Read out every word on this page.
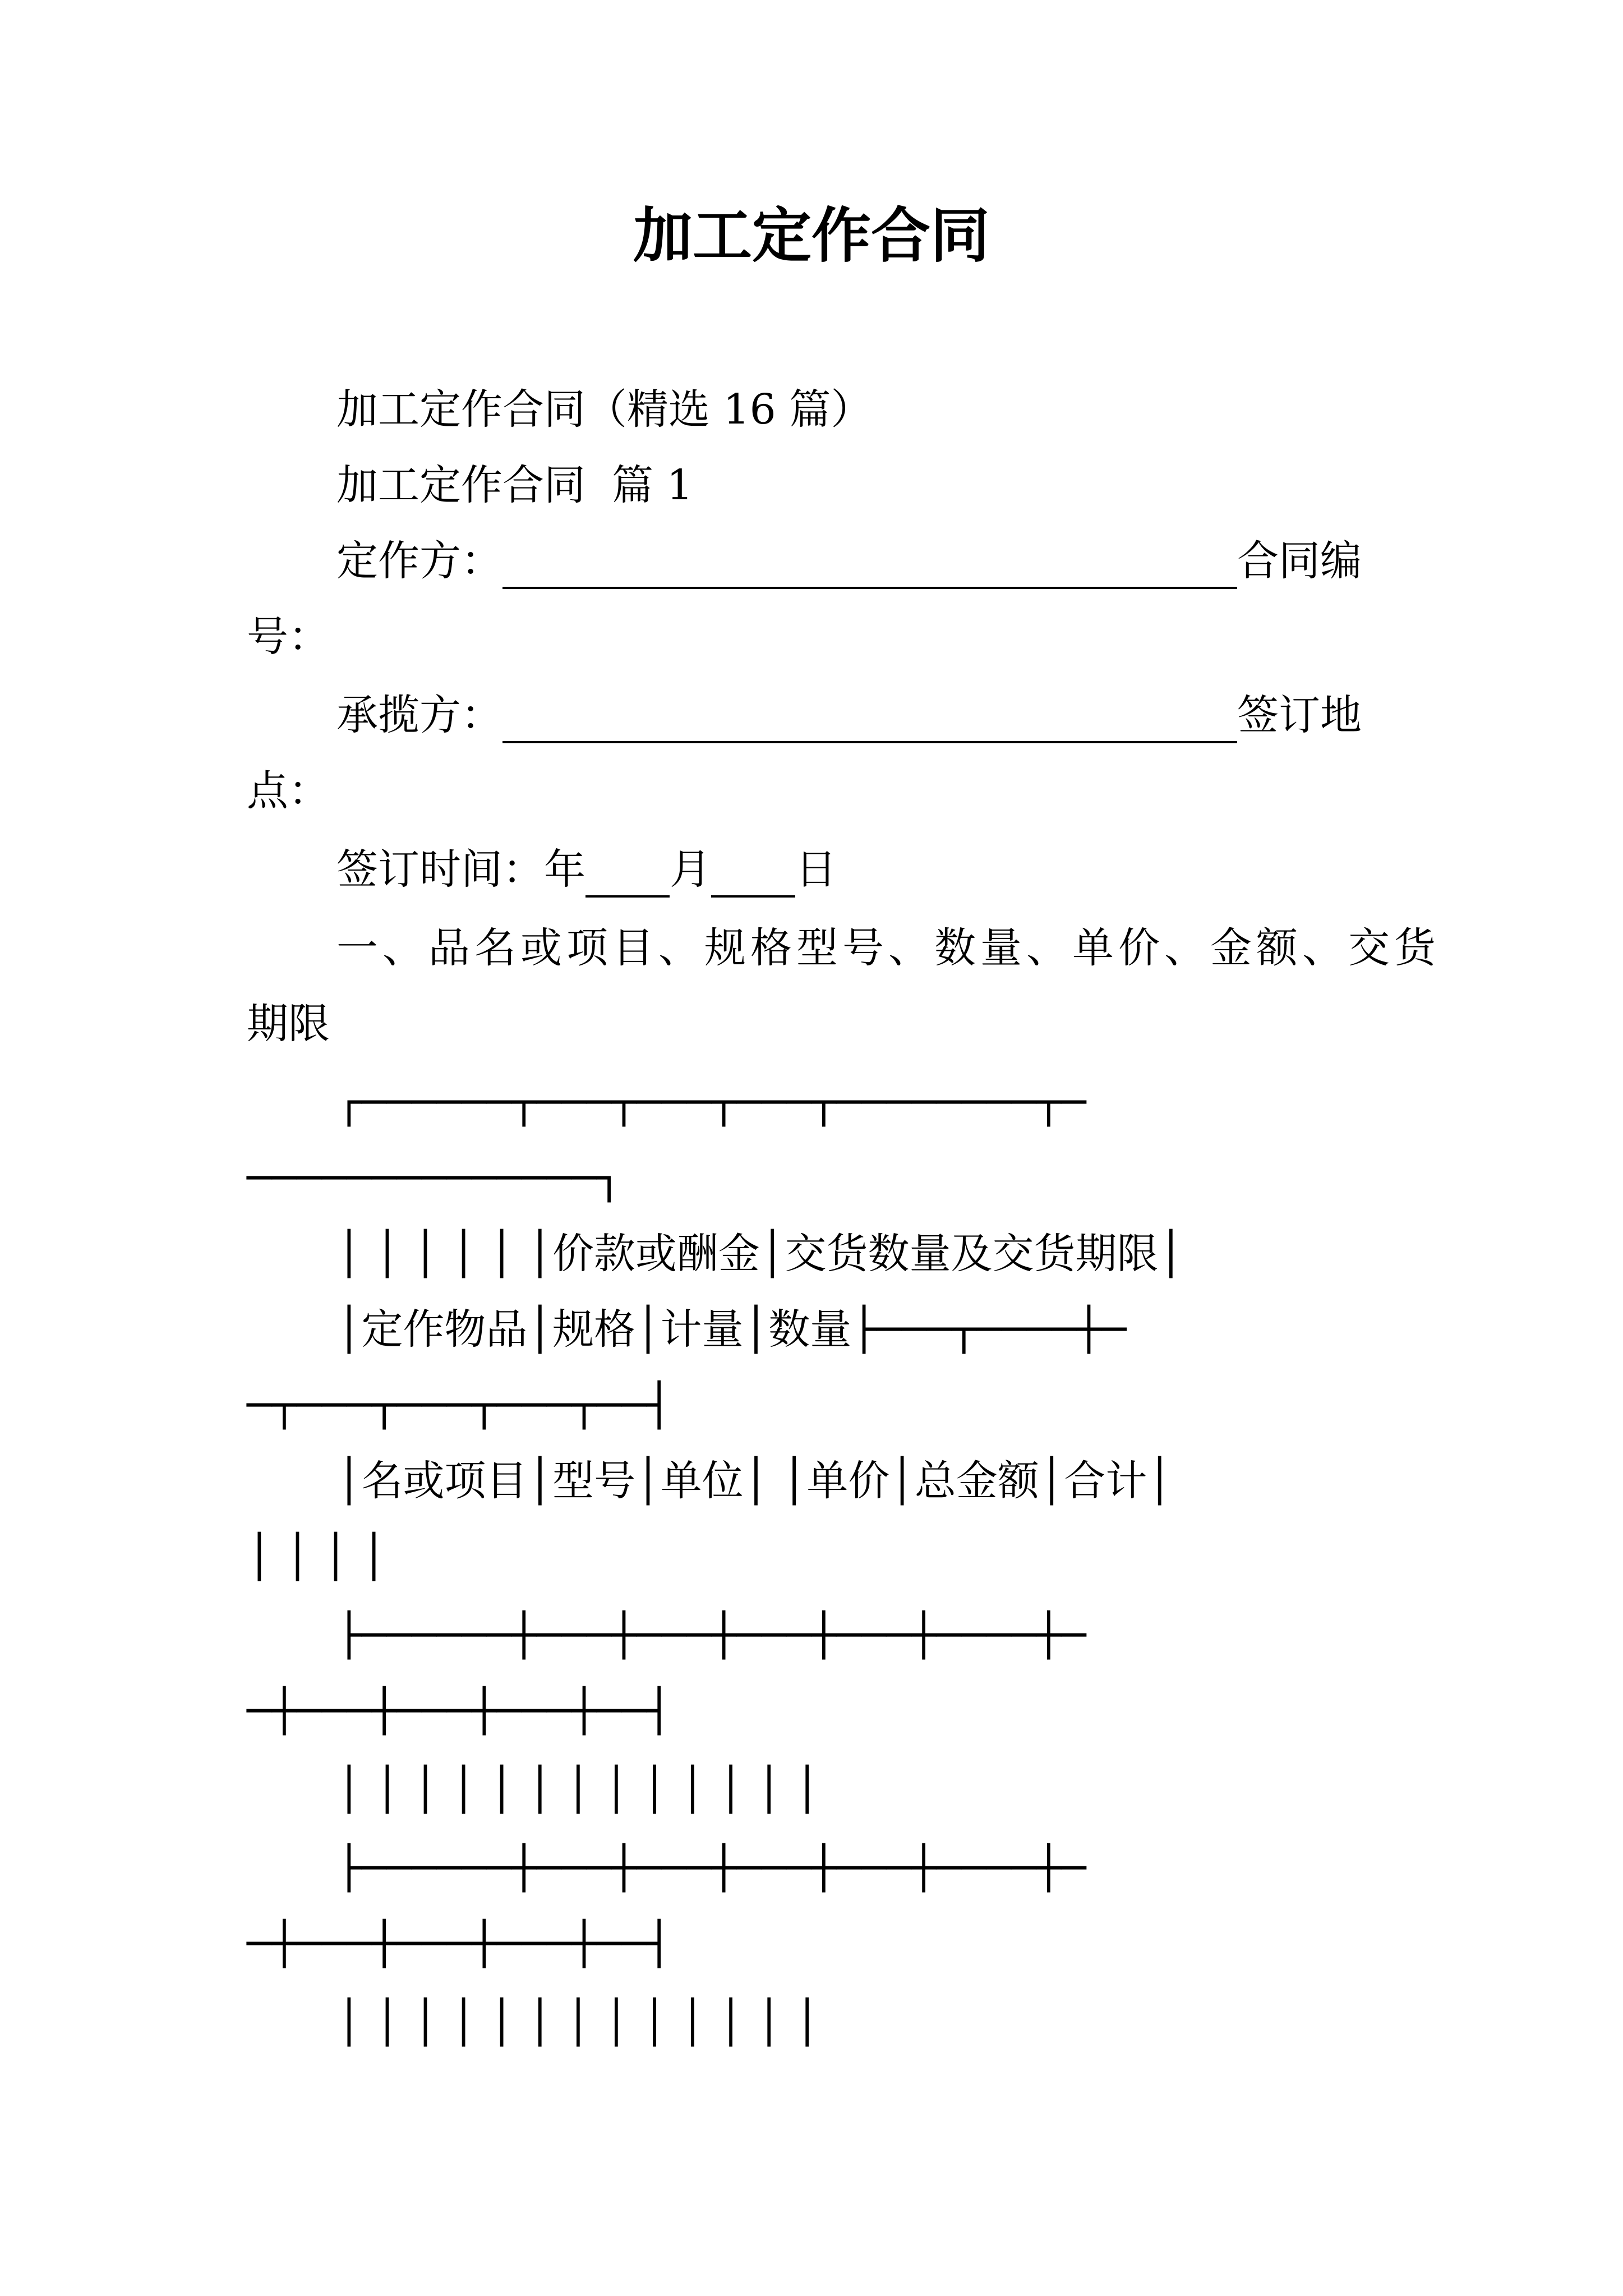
加工定作合同
加工定作合同（精选 16 篇）
加工定作合同  篇 1
定作方：	合同编
号：
承揽方：	签订地
点：
签订时间：年 月 日
一、品名或项目、规格型号、数量、单价、金额、交货
期限
┌──────┬───┬───┬───┬────────┬─
──────────────┐
│ │ │ │ │ │价款或酬金│交货数量及交货期限│
│定作物品│规格│计量│数量├───┬────┼─
─┬───┬───┬───┬──┤
│名或项目│型号│单位│ │单价│总金额│合计│
│ │ │ │
├──────┼───┼───┼───┼───┼────┼─
─┼───┼───┼───┼──┤
│ │ │ │ │ │ │ │ │ │ │ │ │
├──────┼───┼───┼───┼───┼────┼─
─┼───┼───┼───┼──┤
│ │ │ │ │ │ │ │ │ │ │ │ │
